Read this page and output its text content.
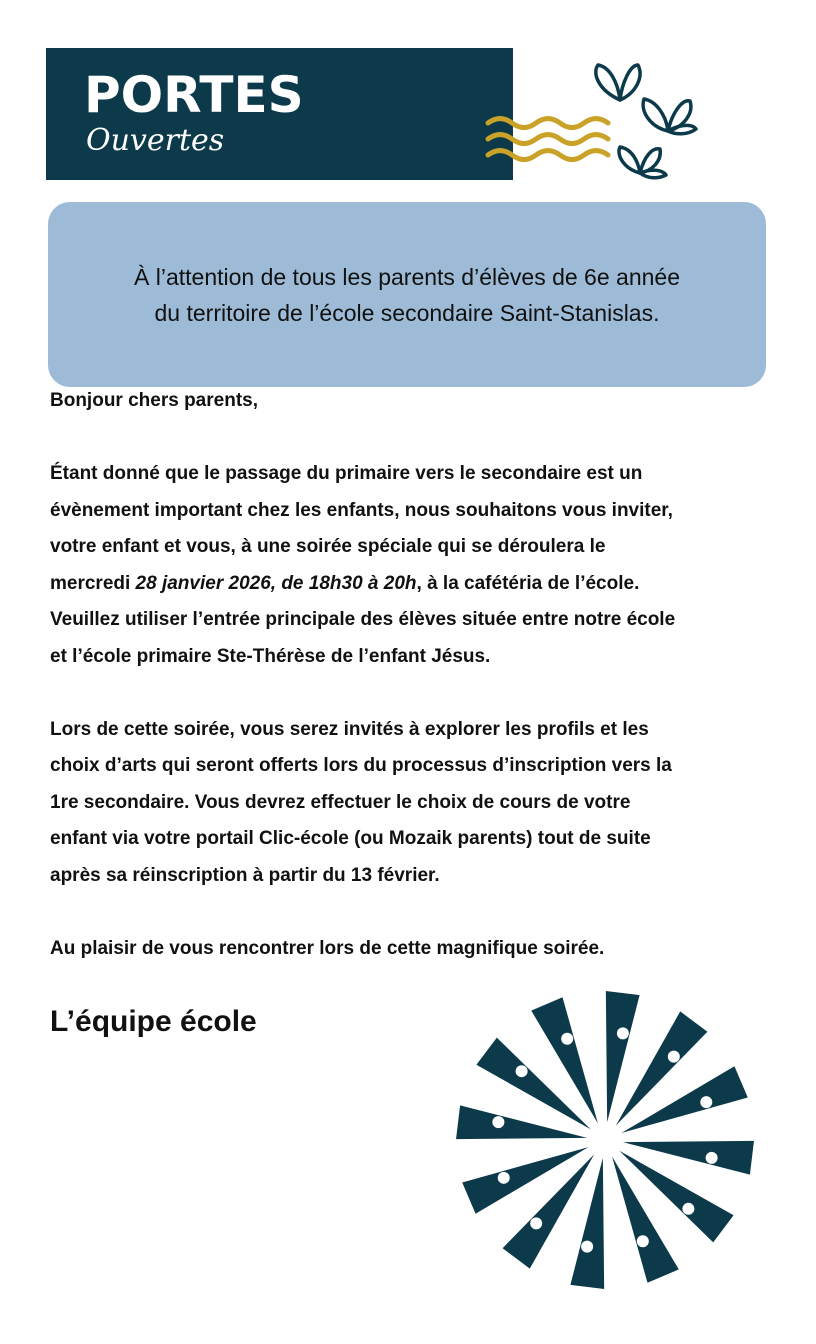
PORTES
Ouvertes

À l’attention de tous les parents d’élèves de 6e année
du territoire de l’école secondaire Saint-Stanislas.

Bonjour chers parents,

Étant donné que le passage du primaire vers le secondaire est un
évènement important chez les enfants, nous souhaitons vous inviter,
votre enfant et vous, à une soirée spéciale qui se déroulera le
mercredi 28 janvier 2026, de 18h30 à 20h, à la cafétéria de l’école.
Veuillez utiliser l’entrée principale des élèves située entre notre école
et l’école primaire Ste-Thérèse de l’enfant Jésus.

Lors de cette soirée, vous serez invités à explorer les profils et les
choix d’arts qui seront offerts lors du processus d’inscription vers la
1re secondaire. Vous devrez effectuer le choix de cours de votre
enfant via votre portail Clic-école (ou Mozaik parents) tout de suite
après sa réinscription à partir du 13 février.

Au plaisir de vous rencontrer lors de cette magnifique soirée.

L’équipe école
